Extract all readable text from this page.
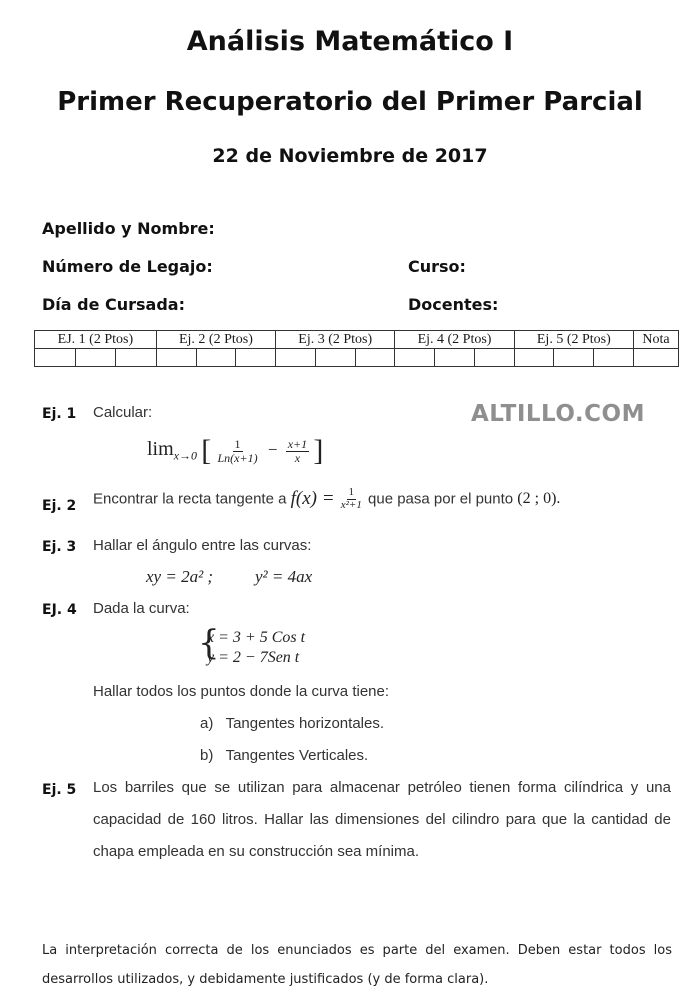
Análisis Matemático I
Primer Recuperatorio del Primer Parcial
22 de Noviembre de 2017
Apellido y Nombre:
Número de Legajo:	Curso:
Día de Cursada:	Docentes:
EJ. 1 (2 Ptos)			Ej. 2 (2 Ptos)			Ej. 3 (2 Ptos)			Ej. 4 (2 Ptos)			Ej. 5 (2 Ptos)			Nota

ALTILLO.COM
Ej. 1 Calcular:
$\lim_{x\to 0}$ [ $\frac{1}{Ln(x+1)} - \frac{x+1}{x}$ ]
Ej. 2 Encontrar la recta tangente a $f(x) = \frac{1}{\text{x²+1}}$ que pasa por el punto (2 ; 0).
Ej. 3 Hallar el ángulo entre las curvas:
xy = 2a² ; y² = 4ax
EJ. 4 Dada la curva:
{
x = 3 + 5 Cos t
y = 2 − 7Sen t
Hallar todos los puntos donde la curva tiene:
a)   Tangentes horizontales.
b)   Tangentes Verticales.
Ej. 5 Los barriles que se utilizan para almacenar petróleo tienen forma cilíndrica y una capacidad de 160 litros. Hallar las dimensiones del cilindro para que la cantidad de chapa empleada en su construcción sea mínima.
La interpretación correcta de los enunciados es parte del examen. Deben estar todos los desarrollos utilizados, y debidamente justificados (y de forma clara).
